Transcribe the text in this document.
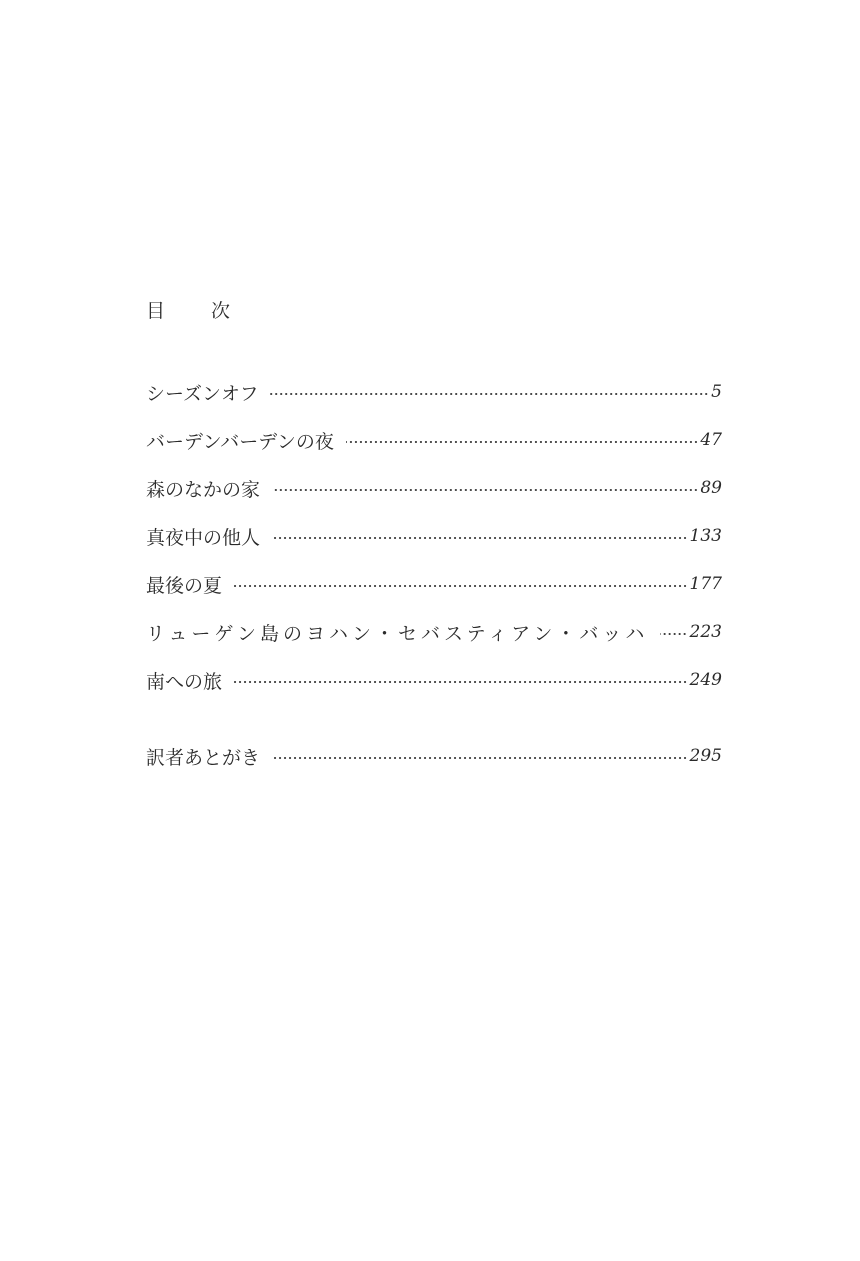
目 次
シーズンオフ	5
バーデンバーデンの夜	47
森のなかの家	89
真夜中の他人	133
最後の夏	177
リューゲン島のヨハン・セバスティアン・バッハ 223
南への旅	249
訳者あとがき	295
